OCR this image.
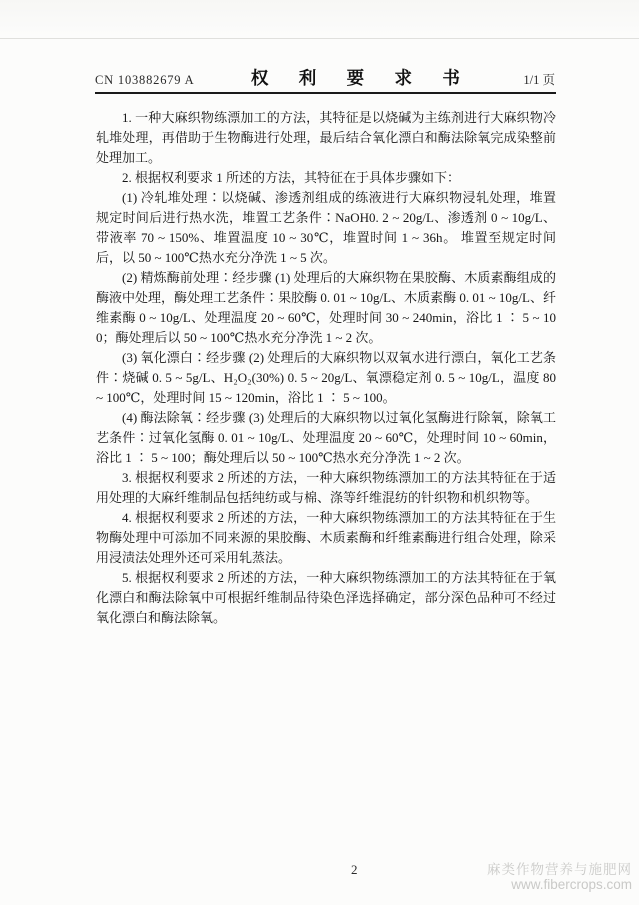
CN 103882679 A	权 利 要 求 书	1/1 页

1. 一种大麻织物练漂加工的方法，其特征是以烧碱为主练剂进行大麻织物冷轧堆处理，再借助于生物酶进行处理，最后结合氧化漂白和酶法除氧完成染整前处理加工。

2. 根据权利要求 1 所述的方法，其特征在于具体步骤如下：

(1) 冷轧堆处理∶以烧碱、渗透剂组成的练液进行大麻织物浸轧处理，堆置规定时间后进行热水洗，堆置工艺条件∶NaOH0. 2 ~ 20g/L、渗透剂 0 ~ 10g/L、带液率 70 ~ 150%、堆置温度 10 ~ 30℃，堆置时间 1 ~ 36h。 堆置至规定时间后，以 50 ~ 100℃热水充分净洗 1 ~ 5 次。

(2) 精炼酶前处理∶经步骤 (1) 处理后的大麻织物在果胶酶、木质素酶组成的酶液中处理，酶处理工艺条件∶果胶酶 0. 01 ~ 10g/L、木质素酶 0. 01 ~ 10g/L、纤维素酶 0 ~ 10g/L、处理温度 20 ~ 60℃，处理时间 30 ~ 240min，浴比 1 ∶ 5 ~ 100；酶处理后以 50 ~ 100℃热水充分净洗 1 ~ 2 次。

(3) 氧化漂白∶经步骤 (2) 处理后的大麻织物以双氧水进行漂白，氧化工艺条件∶烧碱 0. 5 ~ 5g/L、H₂O₂(30%) 0. 5 ~ 20g/L、氧漂稳定剂 0. 5 ~ 10g/L，温度 80 ~ 100℃，处理时间 15 ~ 120min，浴比 1 ∶ 5 ~ 100。

(4) 酶法除氧∶经步骤 (3) 处理后的大麻织物以过氧化氢酶进行除氧，除氧工艺条件∶过氧化氢酶 0. 01 ~ 10g/L、处理温度 20 ~ 60℃，处理时间 10 ~ 60min，浴比 1 ∶ 5 ~ 100；酶处理后以 50 ~ 100℃热水充分净洗 1 ~ 2 次。

3. 根据权利要求 2 所述的方法，一种大麻织物练漂加工的方法其特征在于适用处理的大麻纤维制品包括纯纺或与棉、涤等纤维混纺的针织物和机织物等。

4. 根据权利要求 2 所述的方法，一种大麻织物练漂加工的方法其特征在于生物酶处理中可添加不同来源的果胶酶、木质素酶和纤维素酶进行组合处理，除采用浸渍法处理外还可采用轧蒸法。

5. 根据权利要求 2 所述的方法，一种大麻织物练漂加工的方法其特征在于氧化漂白和酶法除氧中可根据纤维制品待染色泽选择确定，部分深色品种可不经过氧化漂白和酶法除氧。

2	麻类作物营养与施肥网
www.fibercrops.com
